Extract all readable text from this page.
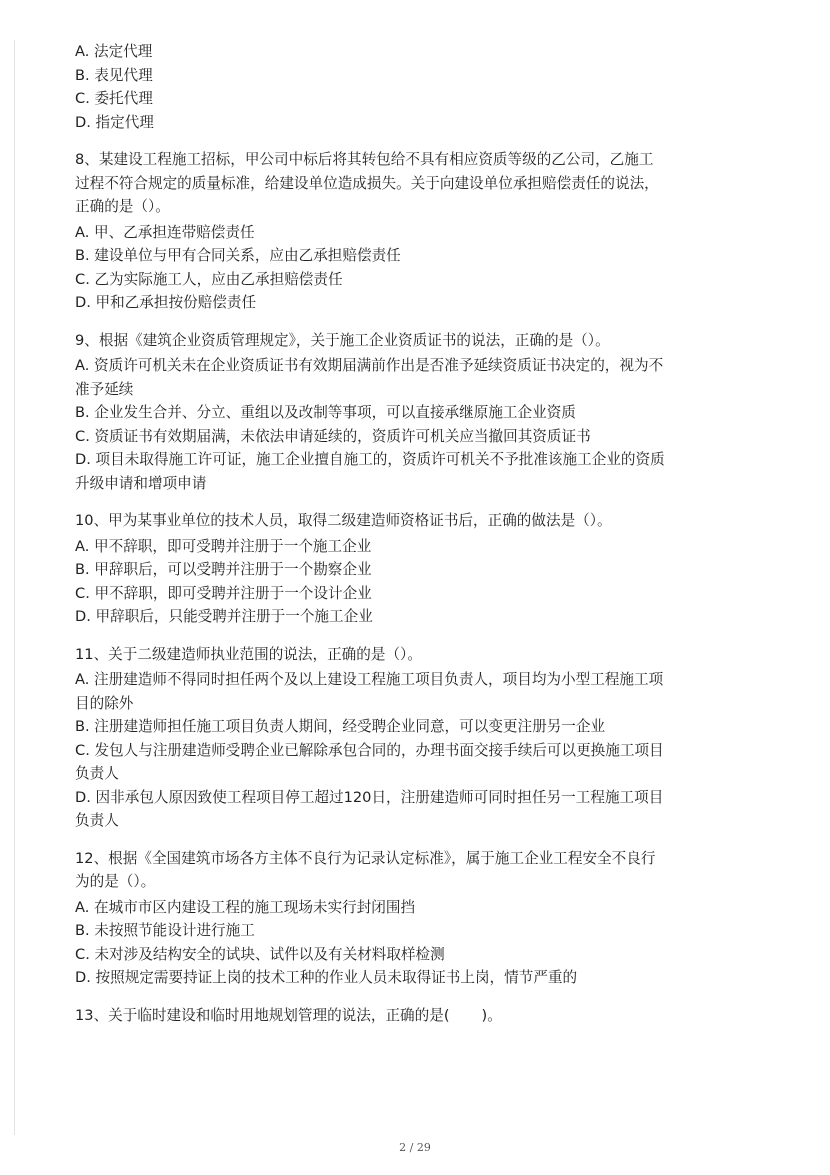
A. 法定代理
B. 表见代理
C. 委托代理
D. 指定代理
8、某建设工程施工招标，甲公司中标后将其转包给不具有相应资质等级的乙公司，乙施工
过程不符合规定的质量标准，给建设单位造成损失。关于向建设单位承担赔偿责任的说法，
正确的是（）。
A. 甲、乙承担连带赔偿责任
B. 建设单位与甲有合同关系，应由乙承担赔偿责任
C. 乙为实际施工人，应由乙承担赔偿责任
D. 甲和乙承担按份赔偿责任
9、根据《建筑企业资质管理规定》，关于施工企业资质证书的说法，正确的是（）。
A. 资质许可机关未在企业资质证书有效期届满前作出是否准予延续资质证书决定的，视为不
准予延续
B. 企业发生合并、分立、重组以及改制等事项，可以直接承继原施工企业资质
C. 资质证书有效期届满，未依法申请延续的，资质许可机关应当撤回其资质证书
D. 项目未取得施工许可证，施工企业擅自施工的，资质许可机关不予批准该施工企业的资质
升级申请和增项申请
10、甲为某事业单位的技术人员，取得二级建造师资格证书后，正确的做法是（）。
A. 甲不辞职，即可受聘并注册于一个施工企业
B. 甲辞职后，可以受聘并注册于一个勘察企业
C. 甲不辞职，即可受聘并注册于一个设计企业
D. 甲辞职后，只能受聘并注册于一个施工企业
11、关于二级建造师执业范围的说法，正确的是（）。
A. 注册建造师不得同时担任两个及以上建设工程施工项目负责人，项目均为小型工程施工项
目的除外
B. 注册建造师担任施工项目负责人期间，经受聘企业同意，可以变更注册另一企业
C. 发包人与注册建造师受聘企业已解除承包合同的，办理书面交接手续后可以更换施工项目
负责人
D. 因非承包人原因致使工程项目停工超过120日，注册建造师可同时担任另一工程施工项目
负责人
12、根据《全国建筑市场各方主体不良行为记录认定标准》，属于施工企业工程安全不良行
为的是（）。
A. 在城市市区内建设工程的施工现场未实行封闭围挡
B. 未按照节能设计进行施工
C. 未对涉及结构安全的试块、试件以及有关材料取样检测
D. 按照规定需要持证上岗的技术工种的作业人员未取得证书上岗，情节严重的
13、关于临时建设和临时用地规划管理的说法，正确的是( )。
2 / 29
